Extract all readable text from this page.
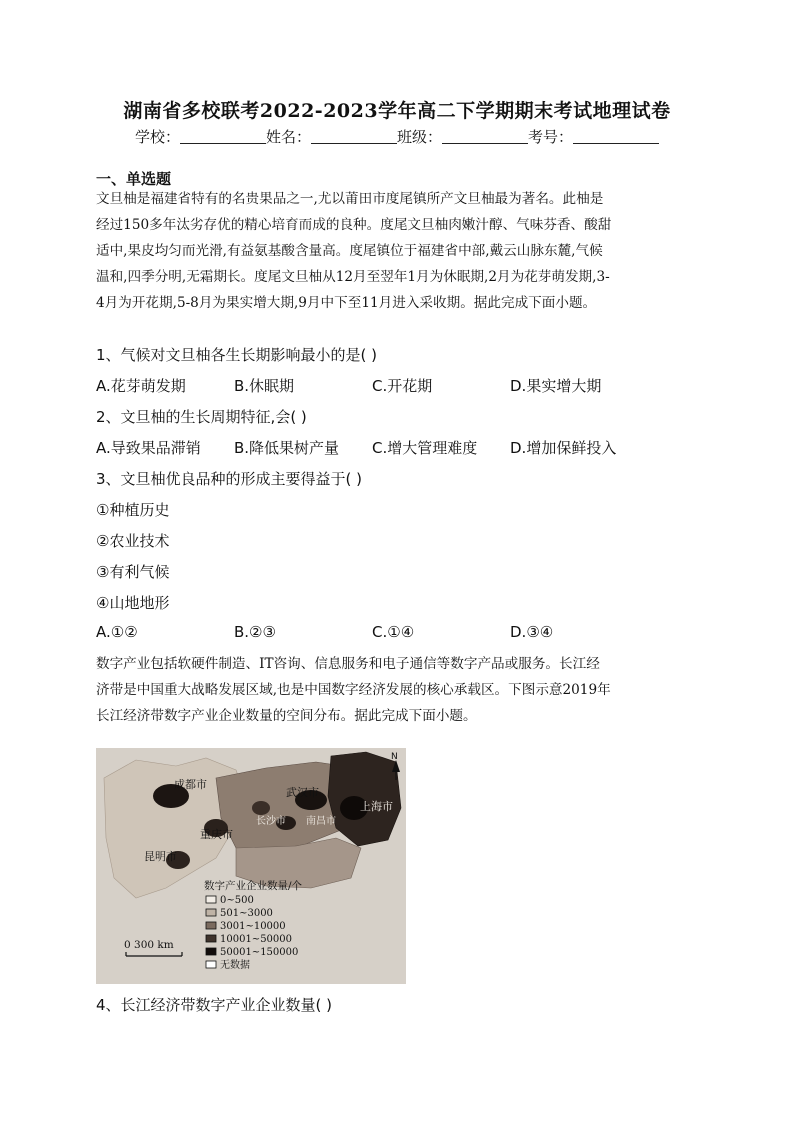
湖南省多校联考2022-2023学年高二下学期期末考试地理试卷
学校：	姓名：	班级：	考号：
一、单选题
文旦柚是福建省特有的名贵果品之一,尤以莆田市度尾镇所产文旦柚最为著名。此柚是
经过150多年汰劣存优的精心培育而成的良种。度尾文旦柚肉嫩汁醇、气味芬香、酸甜
适中,果皮均匀而光滑,有益氨基酸含量高。度尾镇位于福建省中部,戴云山脉东麓,气候
温和,四季分明,无霜期长。度尾文旦柚从12月至翌年1月为休眠期,2月为花芽萌发期,3-
4月为开花期,5-8月为果实增大期,9月中下至11月进入采收期。据此完成下面小题。
1、气候对文旦柚各生长期影响最小的是( )
A.花芽萌发期	B.休眠期	C.开花期	D.果实增大期
2、文旦柚的生长周期特征,会( )
A.导致果品滞销 B.降低果树产量 C.增大管理难度 D.增加保鲜投入
3、文旦柚优良品种的形成主要得益于( )
①种植历史
②农业技术
③有利气候
④山地地形
A.①②	B.②③	C.①④	D.③④
数字产业包括软硬件制造、IT咨询、信息服务和电子通信等数字产品或服务。长江经
济带是中国重大战略发展区域,也是中国数字经济发展的核心承载区。下图示意2019年
长江经济带数字产业企业数量的空间分布。据此完成下面小题。
N
成都市
武汉市
上海市
重庆市
长沙市 南昌市
昆明市
数字产业企业数量/个
0~500
501~3000
3001~10000
10001~50000
50001~150000
无数据
0 300 km
4、长江经济带数字产业企业数量( )
